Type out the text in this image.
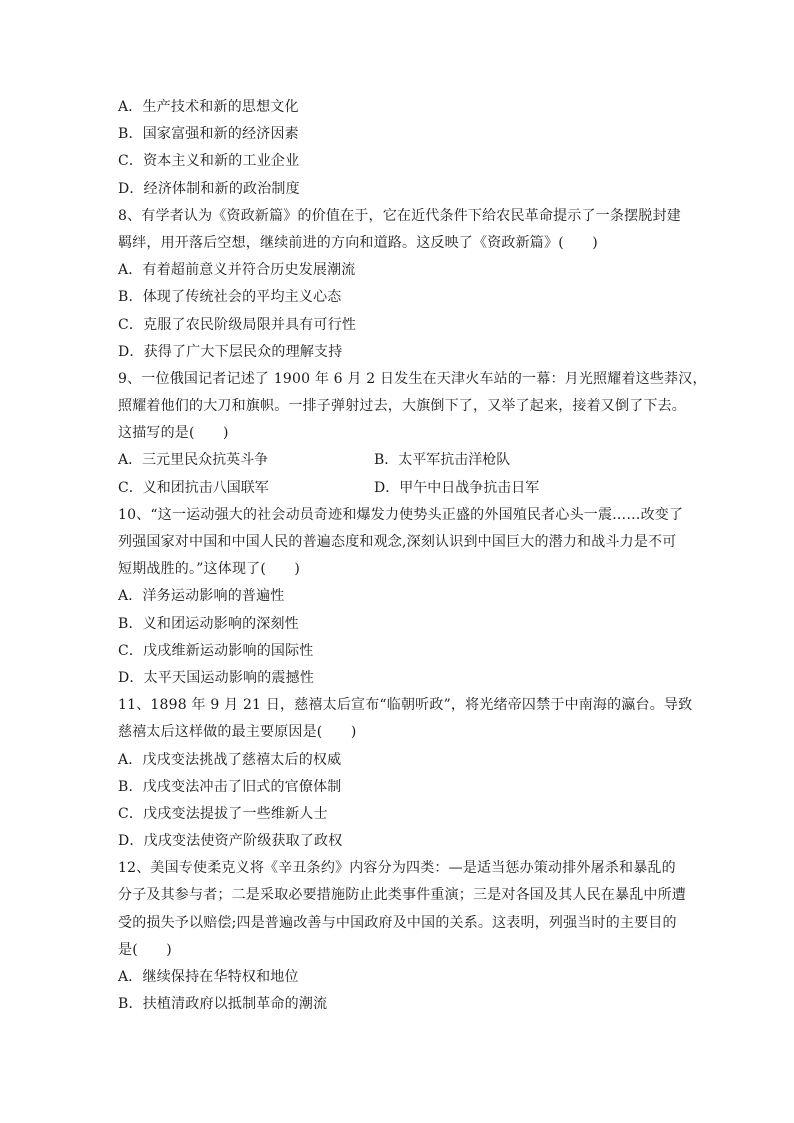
A．生产技术和新的思想文化
B．国家富强和新的经济因素
C．资本主义和新的工业企业
D．经济体制和新的政治制度
8、有学者认为《资政新篇》的价值在于，它在近代条件下给农民革命提示了一条摆脱封建
羁绊，用开落后空想，继续前进的方向和道路。这反映了《资政新篇》(　　)
A．有着超前意义并符合历史发展潮流
B．体现了传统社会的平均主义心态
C．克服了农民阶级局限并具有可行性
D．获得了广大下层民众的理解支持
9、一位俄国记者记述了 1900 年 6 月 2 日发生在天津火车站的一幕：月光照耀着这些莽汉，
照耀着他们的大刀和旗帜。一排子弹射过去，大旗倒下了，又举了起来，接着又倒了下去。
这描写的是(　　)
A．三元里民众抗英斗争	B．太平军抗击洋枪队
C．义和团抗击八国联军	D．甲午中日战争抗击日军
10、“这一运动强大的社会动员奇迹和爆发力使势头正盛的外国殖民者心头一震……改变了
列强国家对中国和中国人民的普遍态度和观念,深刻认识到中国巨大的潜力和战斗力是不可
短期战胜的。”这体现了(　　)
A．洋务运动影响的普遍性
B．义和团运动影响的深刻性
C．戊戌维新运动影响的国际性
D．太平天国运动影响的震撼性
11、1898 年 9 月 21 日，慈禧太后宣布“临朝听政”，将光绪帝囚禁于中南海的瀛台。导致
慈禧太后这样做的最主要原因是(　　)
A．戊戌变法挑战了慈禧太后的权威
B．戊戌变法冲击了旧式的官僚体制
C．戊戌变法提拔了一些维新人士
D．戊戌变法使资产阶级获取了政权
12、美国专使柔克义将《辛丑条约》内容分为四类：—是适当惩办策动排外屠杀和暴乱的
分子及其参与者；二是采取必要措施防止此类事件重演；三是对各国及其人民在暴乱中所遭
受的损失予以赔偿;四是普遍改善与中国政府及中国的关系。这表明，列强当时的主要目的
是(　　)
A．继续保持在华特权和地位
B．扶植清政府以抵制革命的潮流
